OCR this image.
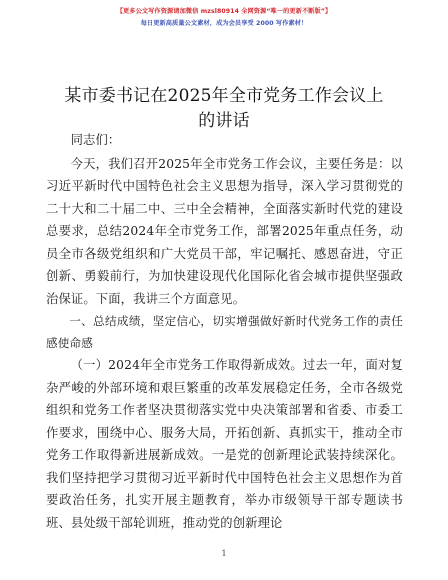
【更多公文写作资源请加微信 mzsl80914 全网资源“唯一的更新不断版”】
每日更新高质量公文素材，成为会员享受 2000 写作素材！
某市委书记在2025年全市党务工作会议上的讲话

同志们：

今天，我们召开2025年全市党务工作会议，主要任务是：以习近平新时代中国特色社会主义思想为指导，深入学习贯彻党的二十大和二十届二中、三中全会精神，全面落实新时代党的建设总要求，总结2024年全市党务工作，部署2025年重点任务，动员全市各级党组织和广大党员干部，牢记嘱托、感恩奋进，守正创新、勇毅前行，为加快建设现代化国际化省会城市提供坚强政治保证。下面，我讲三个方面意见。

一、总结成绩，坚定信心，切实增强做好新时代党务工作的责任感使命感

（一）2024年全市党务工作取得新成效。过去一年，面对复杂严峻的外部环境和艰巨繁重的改革发展稳定任务，全市各级党组织和党务工作者坚决贯彻落实党中央决策部署和省委、市委工作要求，围绕中心、服务大局，开拓创新、真抓实干，推动全市党务工作取得新进展新成效。一是党的创新理论武装持续深化。我们坚持把学习贯彻习近平新时代中国特色社会主义思想作为首要政治任务，扎实开展主题教育，举办市级领导干部专题读书班、县处级干部轮训班，推动党的创新理论

1
